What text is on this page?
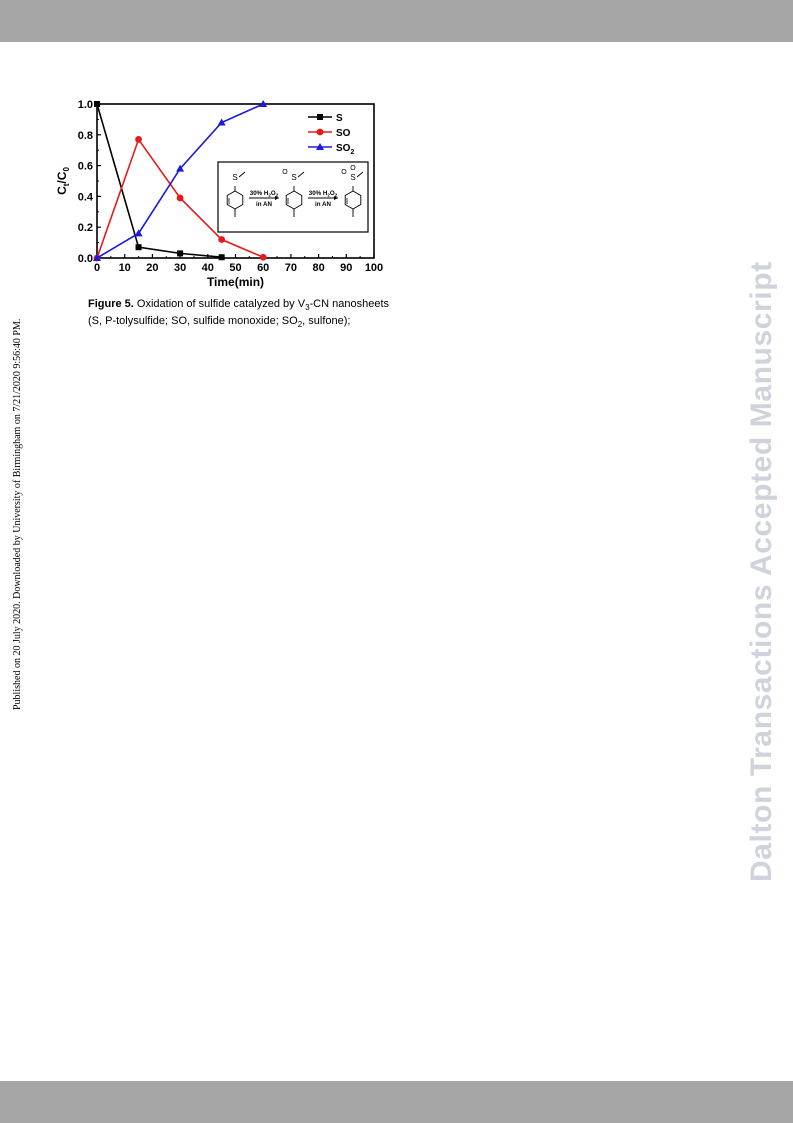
Published on 20 July 2020. Downloaded by University of Birmingham on 7/21/2020 9:56:40 PM.	Dalton Transactions Accepted Manuscript
0 10 20 30 40 50 60 70 80 90 100
0.0
0.2
0.4
0.6
0.8
1.0
S
SO
$SO_2$
S	S
O
S
O
O
30% $H_2O_2$
in AN
30% $H_2O_2$
in AN
Time(min)
$C_t/C_0$
Figure 5. Oxidation of sulfide catalyzed by $V_3-CN$ nanosheets (S, P-tolysulfide; SO, sulfide monoxide; $SO_2$, sulfone);
